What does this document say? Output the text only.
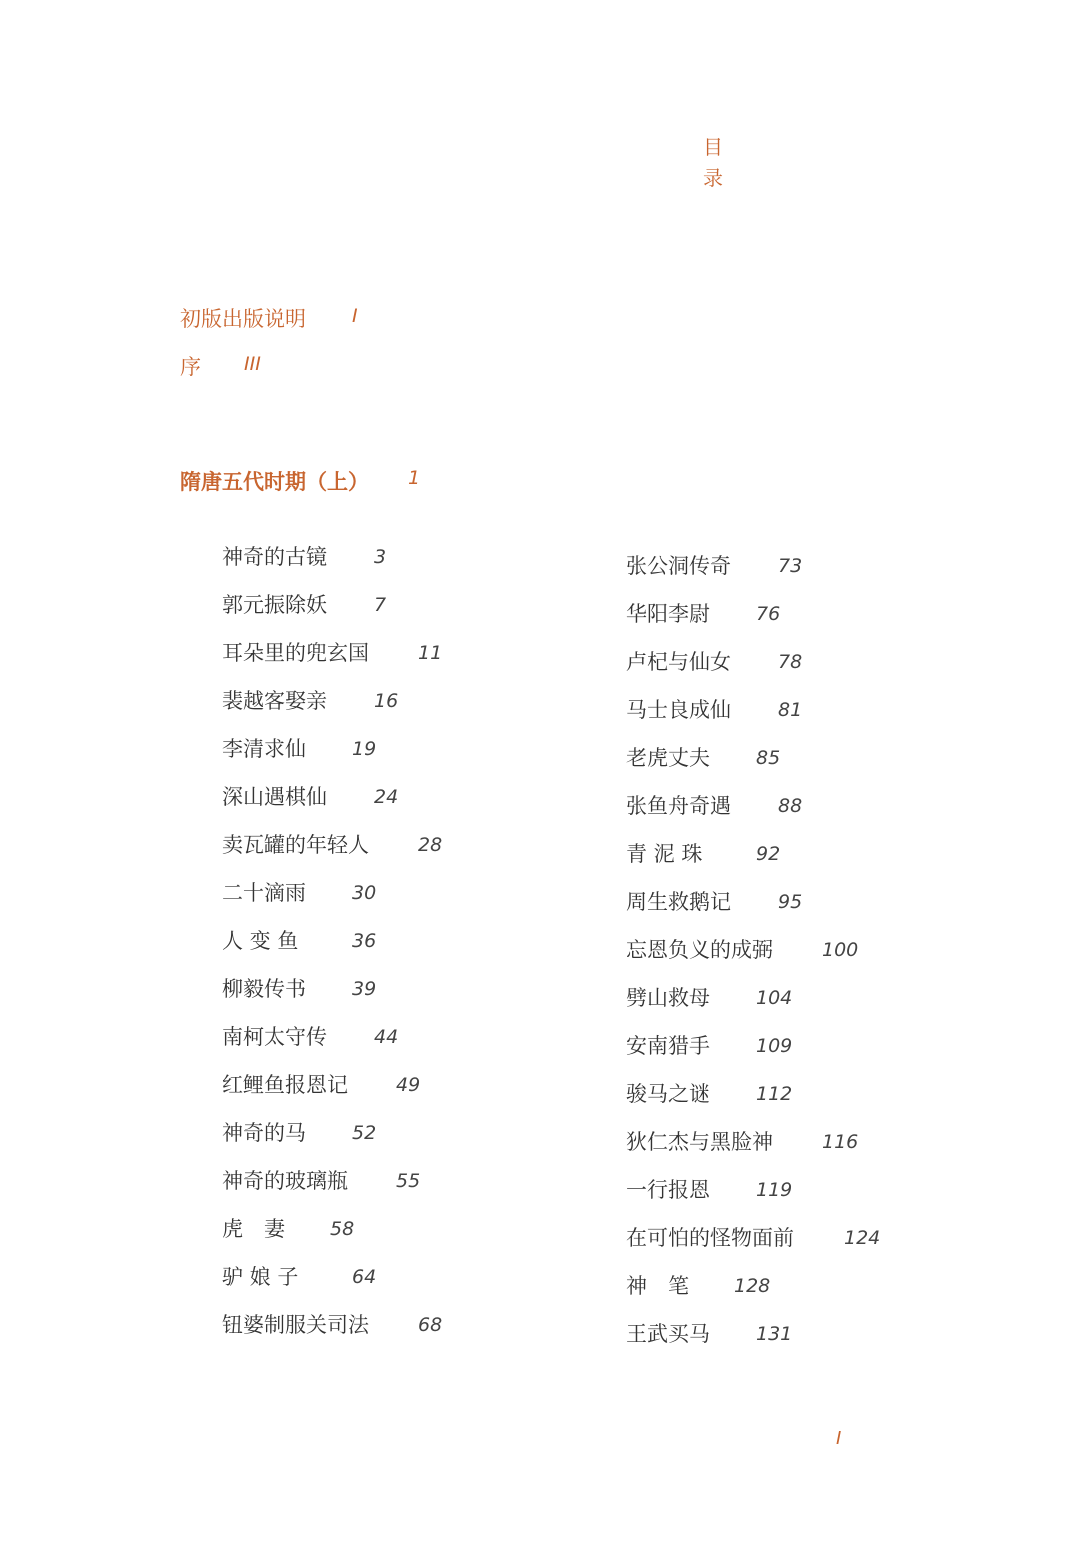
目
录
初版出版说明 I
序 III
隋唐五代时期（上） 1
神奇的古镜 3
郭元振除妖 7
耳朵里的兜玄国	11
裴越客娶亲 16
李清求仙 19
深山遇棋仙 24
卖瓦罐的年轻人	28
二十滴雨 30
人 变 鱼	36
柳毅传书 39
南柯太守传 44
红鲤鱼报恩记	49
神奇的马 52
神奇的玻璃瓶	55
虎　妻 58
驴 娘 子	64
钮婆制服关司法	68
张公洞传奇 73
华阳李尉 76
卢杞与仙女 78
马士良成仙 81
老虎丈夫 85
张鱼舟奇遇 88
青 泥 珠	92
周生救鹅记 95
忘恩负义的成弼	100
劈山救母 104
安南猎手 109
骏马之谜 112
狄仁杰与黑脸神	116
一行报恩 119
在可怕的怪物面前	124
神　笔 128
王武买马 131
I
